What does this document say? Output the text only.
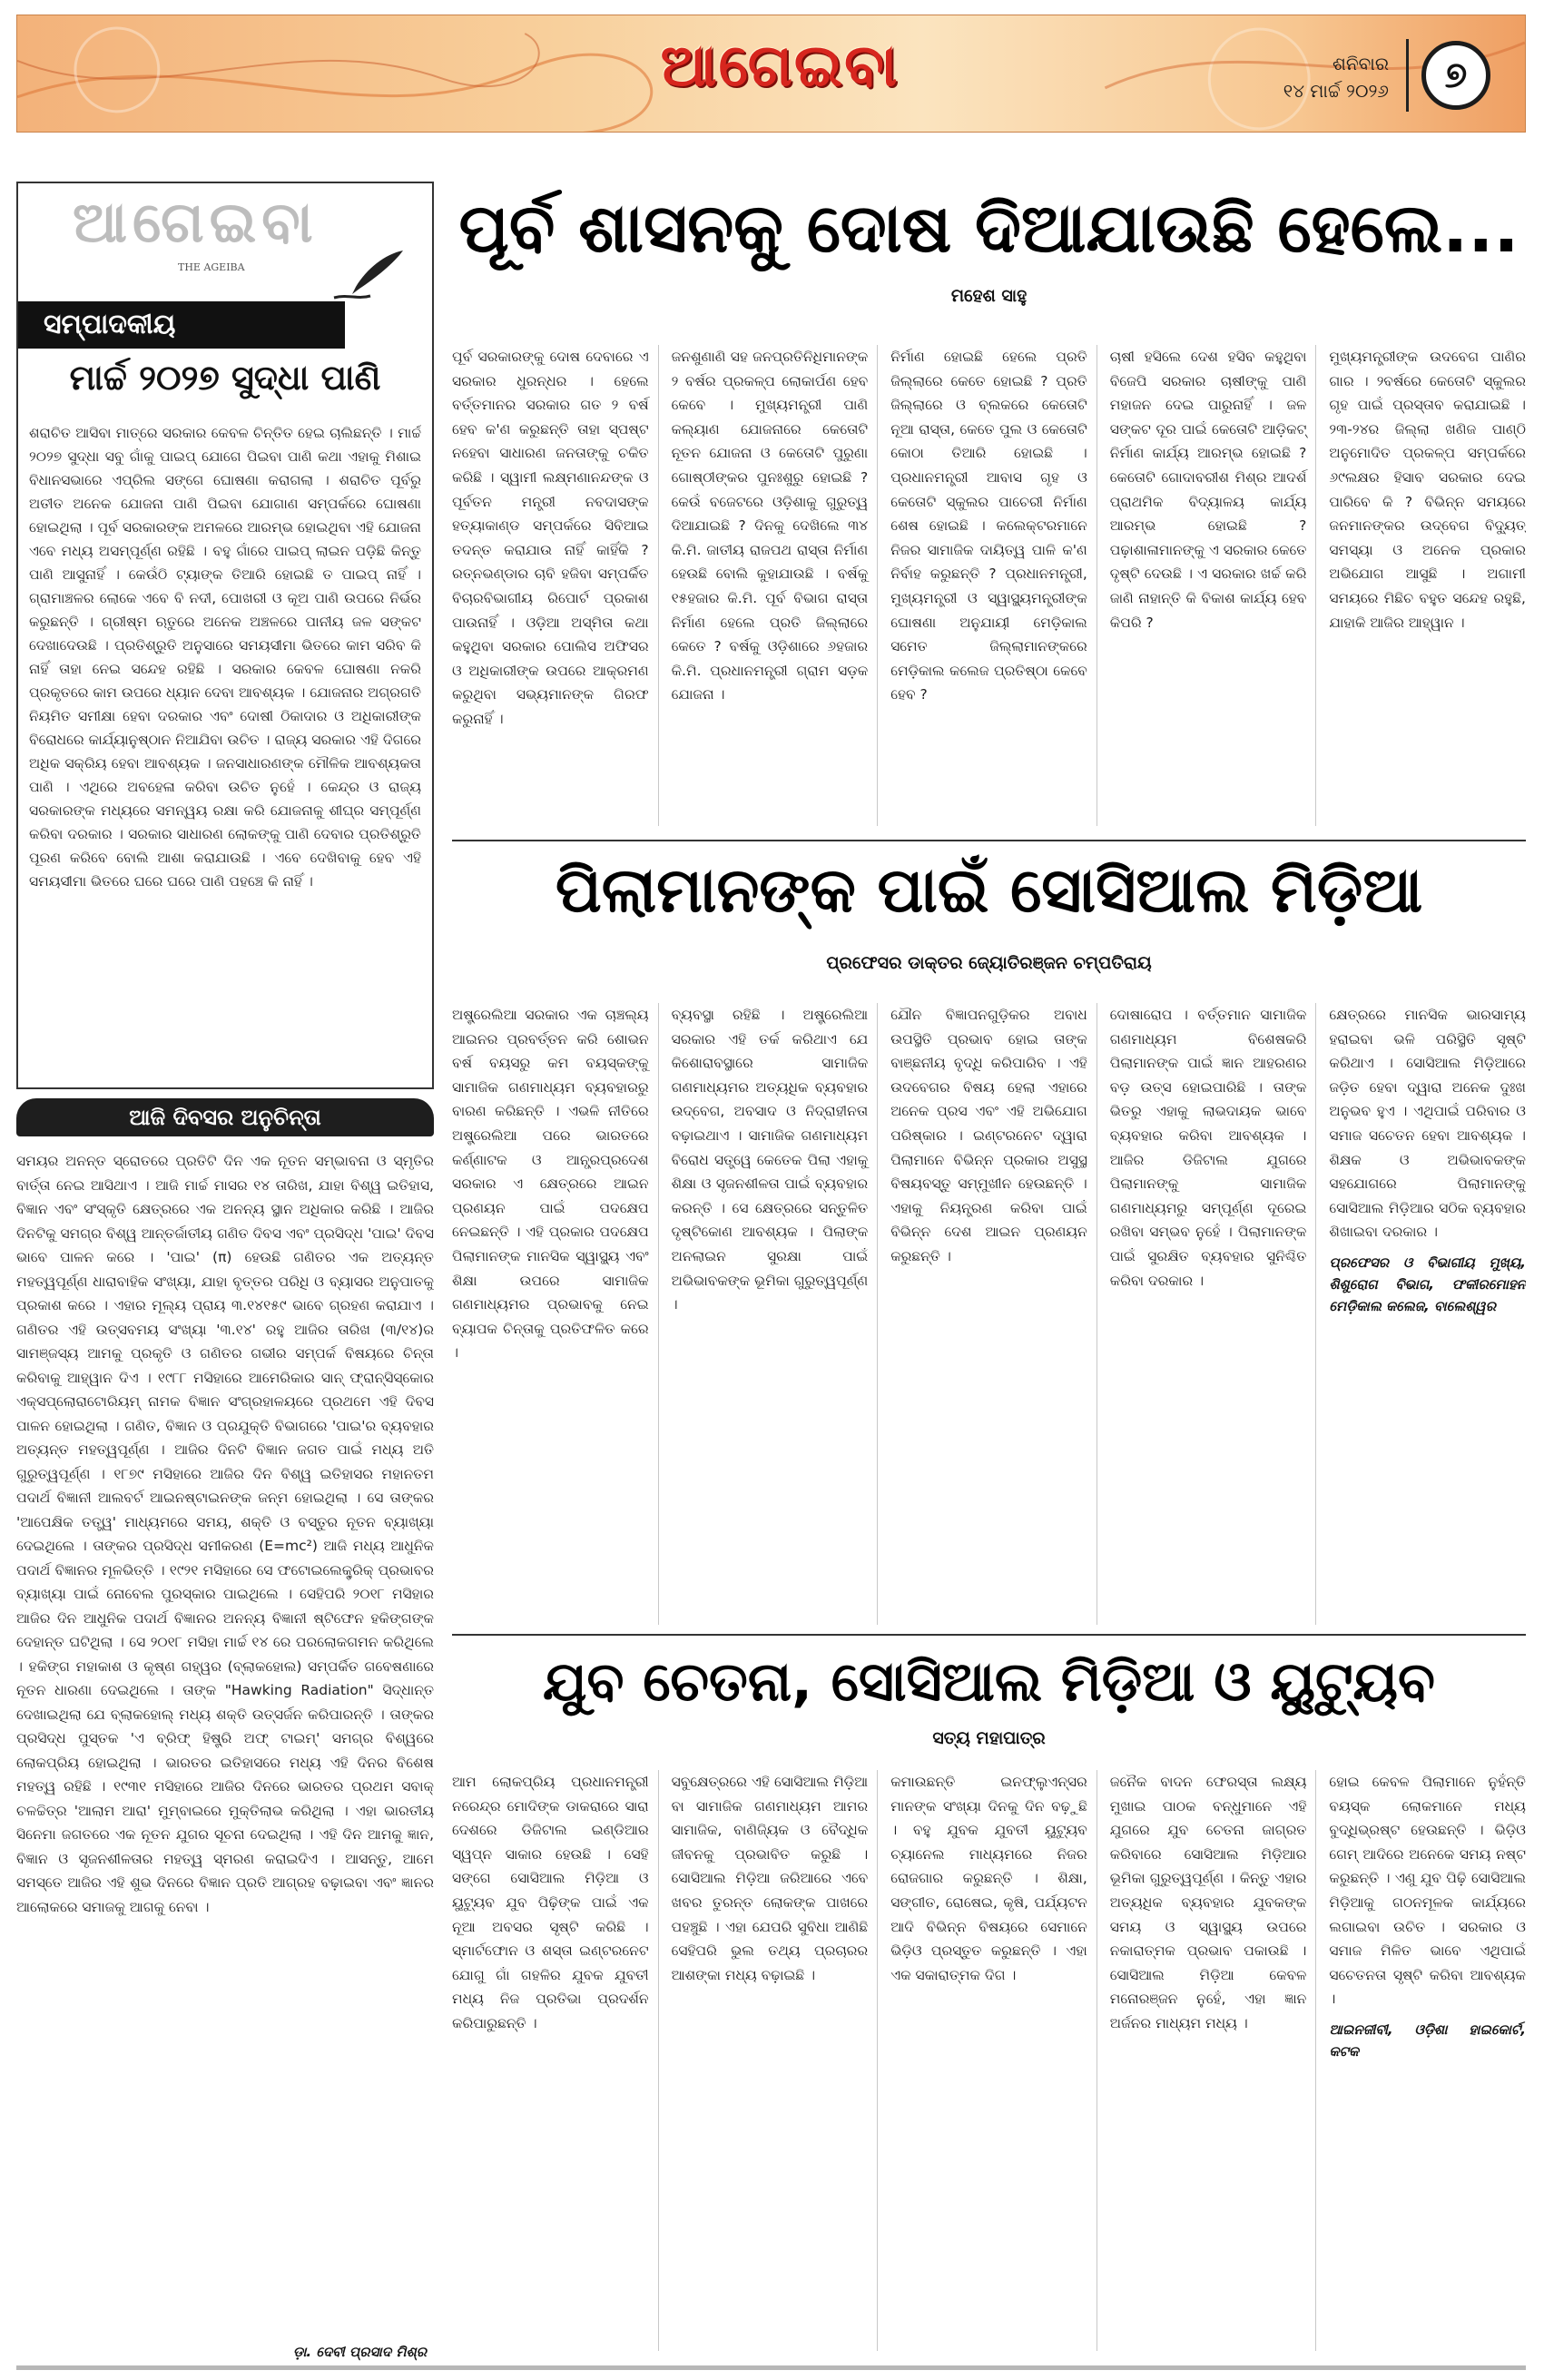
ଆଗେଇବା	ଶନିବାର
୧୪ ମାର୍ଚ୍ଚ ୨୦୨୬	୭
ଆଗେଇବା
THE AGEIBA
ସମ୍ପାଦକୀୟ
ମାର୍ଚ୍ଚ ୨୦୨୭ ସୁଦ୍ଧା ପାଣି

ଶରାଚିତ ଆସିବା ମାତ୍ରେ ସରକାର କେବଳ ଚିନ୍ତିତ ହେଇ ଚାଲିଛନ୍ତି । ମାର୍ଚ୍ଚ ୨୦୨୭ ସୁଦ୍ଧା ସବୁ ଗାଁକୁ ପାଇପ୍ ଯୋଗେ ପିଇବା ପାଣି କଥା ଏହାକୁ ମିଶାଇ ବିଧାନସଭାରେ ଏପ୍ରିଲ ସଙ୍ଗେ ଘୋଷଣା କରାଗଲା । ଶରାଚିତ ପୂର୍ବରୁ ଅତୀତ ଅନେକ ଯୋଜନା ପାଣି ପିଇବା ଯୋଗାଣ ସମ୍ପର୍କରେ ଘୋଷଣା ହୋଇଥିଲା । ପୂର୍ବ ସରକାରଙ୍କ ଅମଳରେ ଆରମ୍ଭ ହୋଇଥିବା ଏହି ଯୋଜନା ଏବେ ମଧ୍ୟ ଅସମ୍ପୂର୍ଣ୍ଣ ରହିଛି । ବହୁ ଗାଁରେ ପାଇପ୍ ଲାଇନ ପଡ଼ିଛି କିନ୍ତୁ ପାଣି ଆସୁନାହିଁ । କେଉଁଠି ଟ୍ୟାଙ୍କ ତିଆରି ହୋଇଛି ତ ପାଇପ୍ ନାହିଁ । ଗ୍ରାମାଞ୍ଚଳର ଲୋକେ ଏବେ ବି ନଦୀ, ପୋଖରୀ ଓ କୂଅ ପାଣି ଉପରେ ନିର୍ଭର କରୁଛନ୍ତି । ଗ୍ରୀଷ୍ମ ଋତୁରେ ଅନେକ ଅଞ୍ଚଳରେ ପାନୀୟ ଜଳ ସଙ୍କଟ ଦେଖାଦେଉଛି । ପ୍ରତିଶ୍ରୁତି ଅନୁସାରେ ସମୟସୀମା ଭିତରେ କାମ ସରିବ କି ନାହିଁ ତାହା ନେଇ ସନ୍ଦେହ ରହିଛି । ସରକାର କେବଳ ଘୋଷଣା ନକରି ପ୍ରକୃତରେ କାମ ଉପରେ ଧ୍ୟାନ ଦେବା ଆବଶ୍ୟକ । ଯୋଜନାର ଅଗ୍ରଗତି ନିୟମିତ ସମୀକ୍ଷା ହେବା ଦରକାର ଏବଂ ଦୋଷୀ ଠିକାଦାର ଓ ଅଧିକାରୀଙ୍କ ବିରୋଧରେ କାର୍ଯ୍ୟାନୁଷ୍ଠାନ ନିଆଯିବା ଉଚିତ । ରାଜ୍ୟ ସରକାର ଏହି ଦିଗରେ ଅଧିକ ସକ୍ରିୟ ହେବା ଆବଶ୍ୟକ । ଜନସାଧାରଣଙ୍କ ମୌଳିକ ଆବଶ୍ୟକତା ପାଣି । ଏଥିରେ ଅବହେଳା କରିବା ଉଚିତ ନୁହେଁ । କେନ୍ଦ୍ର ଓ ରାଜ୍ୟ ସରକାରଙ୍କ ମଧ୍ୟରେ ସମନ୍ୱୟ ରକ୍ଷା କରି ଯୋଜନାକୁ ଶୀଘ୍ର ସମ୍ପୂର୍ଣ୍ଣ କରିବା ଦରକାର । ସରକାର ସାଧାରଣ ଲୋକଙ୍କୁ ପାଣି ଦେବାର ପ୍ରତିଶ୍ରୁତି ପୂରଣ କରିବେ ବୋଲି ଆଶା କରାଯାଉଛି । ଏବେ ଦେଖିବାକୁ ହେବ ଏହି ସମୟସୀମା ଭିତରେ ଘରେ ଘରେ ପାଣି ପହଞ୍ଚେ କି ନାହିଁ ।

ଆଜି ଦିବସର ଅନୁଚିନ୍ତା

ସମୟର ଅନନ୍ତ ସ୍ରୋତରେ ପ୍ରତିଟି ଦିନ ଏକ ନୂତନ ସମ୍ଭାବନା ଓ ସ୍ମୃତିର ବାର୍ତ୍ତା ନେଇ ଆସିଥାଏ । ଆଜି ମାର୍ଚ୍ଚ ମାସର ୧୪ ତାରିଖ, ଯାହା ବିଶ୍ୱ ଇତିହାସ, ବିଜ୍ଞାନ ଏବଂ ସଂସ୍କୃତି କ୍ଷେତ୍ରରେ ଏକ ଅନନ୍ୟ ସ୍ଥାନ ଅଧିକାର କରିଛି । ଆଜିର ଦିନଟିକୁ ସମଗ୍ର ବିଶ୍ୱ ଆନ୍ତର୍ଜାତୀୟ ଗଣିତ ଦିବସ ଏବଂ ପ୍ରସିଦ୍ଧ 'ପାଇ' ଦିବସ ଭାବେ ପାଳନ କରେ । 'ପାଇ' (π) ହେଉଛି ଗଣିତର ଏକ ଅତ୍ୟନ୍ତ ମହତ୍ୱପୂର୍ଣ୍ଣ ଧାରାବାହିକ ସଂଖ୍ୟା, ଯାହା ବୃତ୍ତର ପରିଧି ଓ ବ୍ୟାସର ଅନୁପାତକୁ ପ୍ରକାଶ କରେ । ଏହାର ମୂଲ୍ୟ ପ୍ରାୟ ୩.୧୪୧୫୯ ଭାବେ ଗ୍ରହଣ କରାଯାଏ । ଗଣିତର ଏହି ଉତ୍ସବମୟ ସଂଖ୍ୟା '୩.୧୪' ରହୁ ଆଜିର ତାରିଖ (୩/୧୪)ର ସାମଞ୍ଜସ୍ୟ ଆମକୁ ପ୍ରକୃତି ଓ ଗଣିତର ଗଭୀର ସମ୍ପର୍କ ବିଷୟରେ ଚିନ୍ତା କରିବାକୁ ଆହ୍ୱାନ ଦିଏ । ୧୯୮୮ ମସିହାରେ ଆମେରିକାର ସାନ୍ ଫ୍ରାନ୍ସିସ୍କୋର ଏକ୍ସପ୍ଲୋରାଟୋରିୟମ୍ ନାମକ ବିଜ୍ଞାନ ସଂଗ୍ରହାଳୟରେ ପ୍ରଥମେ ଏହି ଦିବସ ପାଳନ ହୋଇଥିଲା । ଗଣିତ, ବିଜ୍ଞାନ ଓ ପ୍ରଯୁକ୍ତି ବିଭାଗରେ 'ପାଇ'ର ବ୍ୟବହାର ଅତ୍ୟନ୍ତ ମହତ୍ୱପୂର୍ଣ୍ଣ । ଆଜିର ଦିନଟି ବିଜ୍ଞାନ ଜଗତ ପାଇଁ ମଧ୍ୟ ଅତି ଗୁରୁତ୍ୱପୂର୍ଣ୍ଣ । ୧୮୭୯ ମସିହାରେ ଆଜିର ଦିନ ବିଶ୍ୱ ଇତିହାସର ମହାନତମ ପଦାର୍ଥ ବିଜ୍ଞାନୀ ଆଲବର୍ଟ ଆଇନଷ୍ଟାଇନଙ୍କ ଜନ୍ମ ହୋଇଥିଲା । ସେ ତାଙ୍କର 'ଆପେକ୍ଷିକ ତତ୍ତ୍ୱ' ମାଧ୍ୟମରେ ସମୟ, ଶକ୍ତି ଓ ବସ୍ତୁର ନୂତନ ବ୍ୟାଖ୍ୟା ଦେଇଥିଲେ । ତାଙ୍କର ପ୍ରସିଦ୍ଧ ସମୀକରଣ (E=mc²) ଆଜି ମଧ୍ୟ ଆଧୁନିକ ପଦାର୍ଥ ବିଜ୍ଞାନର ମୂଳଭିତ୍ତି । ୧୯୨୧ ମସିହାରେ ସେ ଫଟୋଇଲେକ୍ଟ୍ରିକ୍ ପ୍ରଭାବର ବ୍ୟାଖ୍ୟା ପାଇଁ ନୋବେଲ ପୁରସ୍କାର ପାଇଥିଲେ । ସେହିପରି ୨୦୧୮ ମସିହାର ଆଜିର ଦିନ ଆଧୁନିକ ପଦାର୍ଥ ବିଜ୍ଞାନର ଅନନ୍ୟ ବିଜ୍ଞାନୀ ଷ୍ଟିଫେନ ହକିଙ୍ଗଙ୍କ ଦେହାନ୍ତ ଘଟିଥିଲା । ସେ ୨୦୧୮ ମସିହା ମାର୍ଚ୍ଚ ୧୪ ରେ ପରଲୋକଗମନ କରିଥିଲେ । ହକିଙ୍ଗ ମହାକାଶ ଓ କୃଷ୍ଣ ଗହ୍ୱର (ବ୍ଲାକହୋଲ) ସମ୍ପର୍କିତ ଗବେଷଣାରେ ନୂତନ ଧାରଣା ଦେଇଥିଲେ । ତାଙ୍କ "Hawking Radiation" ସିଦ୍ଧାନ୍ତ ଦେଖାଇଥିଲା ଯେ ବ୍ଲାକହୋଲ୍ ମଧ୍ୟ ଶକ୍ତି ଉତ୍ସର୍ଜନ କରିପାରନ୍ତି । ତାଙ୍କର ପ୍ରସିଦ୍ଧ ପୁସ୍ତକ 'ଏ ବ୍ରିଫ୍ ହିଷ୍ଟ୍ରି ଅଫ୍ ଟାଇମ୍' ସମଗ୍ର ବିଶ୍ୱରେ ଲୋକପ୍ରିୟ ହୋଇଥିଲା । ଭାରତର ଇତିହାସରେ ମଧ୍ୟ ଏହି ଦିନର ବିଶେଷ ମହତ୍ୱ ରହିଛି । ୧୯୩୧ ମସିହାରେ ଆଜିର ଦିନରେ ଭାରତର ପ୍ରଥମ ସବାକ୍ ଚଳଚ୍ଚିତ୍ର 'ଆଲାମ ଆରା' ମୁମ୍ବାଇରେ ମୁକ୍ତିଲାଭ କରିଥିଲା । ଏହା ଭାରତୀୟ ସିନେମା ଜଗତରେ ଏକ ନୂତନ ଯୁଗର ସୂଚନା ଦେଇଥିଲା । ଏହି ଦିନ ଆମକୁ ଜ୍ଞାନ, ବିଜ୍ଞାନ ଓ ସୃଜନଶୀଳତାର ମହତ୍ୱ ସ୍ମରଣ କରାଇଦିଏ । ଆସନ୍ତୁ, ଆମେ ସମସ୍ତେ ଆଜିର ଏହି ଶୁଭ ଦିନରେ ବିଜ୍ଞାନ ପ୍ରତି ଆଗ୍ରହ ବଢ଼ାଇବା ଏବଂ ଜ୍ଞାନର ଆଲୋକରେ ସମାଜକୁ ଆଗକୁ ନେବା ।

ଡ଼ା. ଦେବୀ ପ୍ରସାଦ ମିଶ୍ର
ପୂର୍ବ ଶାସନକୁ ଦୋଷ ଦିଆଯାଉଛି ହେଲେ...
ମହେଶ ସାହୁ

ପୂର୍ବ ସରକାରଙ୍କୁ ଦୋଷ ଦେବାରେ ଏ ସରକାର ଧୁରନ୍ଧର । ହେଲେ ବର୍ତ୍ତମାନର ସରକାର ଗତ ୨ ବର୍ଷ ହେବ କ'ଣ କରୁଛନ୍ତି ତାହା ସ୍ପଷ୍ଟ ନହେବା ସାଧାରଣ ଜନତାଙ୍କୁ ଚକିତ କରିଛି । ସ୍ୱାମୀ ଲକ୍ଷ୍ମଣାନନ୍ଦଙ୍କ ଓ ପୂର୍ବତନ ମନ୍ତ୍ରୀ ନବଦାସଙ୍କ ହତ୍ୟାକାଣ୍ଡ ସମ୍ପର୍କରେ ସିବିଆଇ ତଦନ୍ତ କରାଯାଉ ନାହିଁ କାହିଁକି ? ରତ୍ନଭଣ୍ଡାର ଚାବି ହଜିବା ସମ୍ପର୍କିତ ବିଚାରବିଭାଗୀୟ ରିପୋର୍ଟ ପ୍ରକାଶ ପାଉନାହିଁ । ଓଡ଼ିଆ ଅସ୍ମିତା କଥା କହୁଥିବା ସରକାର ପୋଲିସ ଅଫିସର ଓ ଅଧିକାରୀଙ୍କ ଉପରେ ଆକ୍ରମଣ କରୁଥିବା ସଭ୍ୟମାନଙ୍କ ଗିରଫ କରୁନାହିଁ ।

ଜନଶୁଣାଣି ସହ ଜନପ୍ରତିନିଧିମାନଙ୍କ ୨ ବର୍ଷର ପ୍ରକଳ୍ପ ଲୋକାର୍ପଣ ହେବ କେବେ । ମୁଖ୍ୟମନ୍ତ୍ରୀ ପାଣି କଲ୍ୟାଣ ଯୋଜନାରେ କେତୋଟି ନୂତନ ଯୋଜନା ଓ କେତୋଟି ପୁରୁଣା ଗୋଷ୍ଠୀଙ୍କର ପୁନଃଶୁରୁ ହୋଇଛି ? କେଉଁ ବଜେଟରେ ଓଡ଼ିଶାକୁ ଗୁରୁତ୍ୱ ଦିଆଯାଇଛି ? ଦିନକୁ ଦେଖିଲେ ୩୪ କି.ମି. ଜାତୀୟ ରାଜପଥ ରାସ୍ତା ନିର୍ମାଣ ହେଉଛି ବୋଲି କୁହାଯାଉଛି । ବର୍ଷକୁ ୧୫ହଜାର କି.ମି. ପୂର୍ବ ବିଭାଗ ରାସ୍ତା ନିର୍ମାଣ ହେଲେ ପ୍ରତି ଜିଲ୍ଲାରେ କେତେ ? ବର୍ଷକୁ ଓଡ଼ିଶାରେ ୬ହଜାର କି.ମି. ପ୍ରଧାନମନ୍ତ୍ରୀ ଗ୍ରାମ ସଡ଼କ ଯୋଜନା ।

ନିର୍ମାଣ ହୋଇଛି ହେଲେ ପ୍ରତି ଜିଲ୍ଲାରେ କେତେ ହୋଇଛି ? ପ୍ରତି ଜିଲ୍ଲାରେ ଓ ବ୍ଲକରେ କେତୋଟି ନୂଆ ରାସ୍ତା, କେତେ ପୁଲ ଓ କେତୋଟି କୋଠା ତିଆରି ହୋଇଛି । ପ୍ରଧାନମନ୍ତ୍ରୀ ଆବାସ ଗୃହ ଓ କେତୋଟି ସ୍କୁଲର ପାଚେରୀ ନିର୍ମାଣ ଶେଷ ହୋଇଛି । କଲେକ୍ଟରମାନେ ନିଜର ସାମାଜିକ ଦାୟିତ୍ୱ ପାଳି କ'ଣ ନିର୍ବାହ କରୁଛନ୍ତି ? ପ୍ରଧାନମନ୍ତ୍ରୀ, ମୁଖ୍ୟମନ୍ତ୍ରୀ ଓ ସ୍ୱାସ୍ଥ୍ୟମନ୍ତ୍ରୀଙ୍କ ଘୋଷଣା ଅନୁଯାୟୀ ମେଡ଼ିକାଲ ସମେତ ଜିଲ୍ଲାମାନଙ୍କରେ ମେଡ଼ିକାଲ କଲେଜ ପ୍ରତିଷ୍ଠା କେବେ ହେବ ?

ଚାଷୀ ହସିଲେ ଦେଶ ହସିବ କହୁଥିବା ବିଜେପି ସରକାର ଚାଷୀଙ୍କୁ ପାଣି ମହାଜନ ଦେଇ ପାରୁନାହିଁ । ଜଳ ସଙ୍କଟ ଦୂର ପାଇଁ କେତୋଟି ଆଡ଼ିକଟ୍ ନିର୍ମାଣ କାର୍ଯ୍ୟ ଆରମ୍ଭ ହୋଇଛି ? କେତୋଟି ଗୋଦାବରୀଶ ମିଶ୍ର ଆଦର୍ଶ ପ୍ରାଥମିକ ବିଦ୍ୟାଳୟ କାର୍ଯ୍ୟ ଆରମ୍ଭ ହୋଇଛି ? ପଢ଼ାଶାଳାମାନଙ୍କୁ ଏ ସରକାର କେତେ ଦୃଷ୍ଟି ଦେଉଛି । ଏ ସରକାର ଖର୍ଚ୍ଚ କରି ଜାଣି ନାହାନ୍ତି କି ବିକାଶ କାର୍ଯ୍ୟ ହେବ କିପରି ?

ମୁଖ୍ୟମନ୍ତ୍ରୀଙ୍କ ଉଦବେଗ ପାଣିର ଗାର । ୨ବର୍ଷରେ କେତୋଟି ସ୍କୁଲର ଗୃହ ପାଇଁ ପ୍ରସ୍ତାବ କରାଯାଇଛି । ୨୩-୨୪ର ଜିଲ୍ଲା ଖଣିଜ ପାଣ୍ଠି ଅନୁମୋଦିତ ପ୍ରକଳ୍ପ ସମ୍ପର୍କରେ ୬୯ଲକ୍ଷର ହିସାବ ସରକାର ଦେଇ ପାରିବେ କି ? ବିଭିନ୍ନ ସମୟରେ ଜନମାନଙ୍କର ଉଦ୍ବେଗ ବିଦ୍ୟୁତ୍ ସମସ୍ୟା ଓ ଅନେକ ପ୍ରକାର ଅଭିଯୋଗ ଆସୁଛି । ଅଗାମୀ ସମୟରେ ମିଛିଚ ବହୁତ ସନ୍ଦେହ ରହୁଛି, ଯାହାକି ଆଜିର ଆହ୍ୱାନ ।

ପିଲାମାନଙ୍କ ପାଇଁ ସୋସିଆଲ ମିଡ଼ିଆ
ପ୍ରଫେସର ଡାକ୍ତର ଜ୍ୟୋତିରଞ୍ଜନ ଚମ୍ପତିରାୟ

ଅଷ୍ଟ୍ରେଲିଆ ସରକାର ଏକ ଚାଞ୍ଚଲ୍ୟ ଆଇନର ପ୍ରବର୍ତ୍ତନ କରି ଶୋଭନ ବର୍ଷ ବୟସରୁ କମ ବୟସ୍କଙ୍କୁ ସାମାଜିକ ଗଣମାଧ୍ୟମ ବ୍ୟବହାରରୁ ବାରଣ କରିଛନ୍ତି । ଏଭଳି ନୀତିରେ ଅଷ୍ଟ୍ରେଲିଆ ପରେ ଭାରତରେ କର୍ଣ୍ଣାଟକ ଓ ଆନ୍ଧ୍ରପ୍ରଦେଶ ସରକାର ଏ କ୍ଷେତ୍ରରେ ଆଇନ ପ୍ରଣୟନ ପାଇଁ ପଦକ୍ଷେପ ନେଇଛନ୍ତି । ଏହି ପ୍ରକାର ପଦକ୍ଷେପ ପିଲାମାନଙ୍କ ମାନସିକ ସ୍ୱାସ୍ଥ୍ୟ ଏବଂ ଶିକ୍ଷା ଉପରେ ସାମାଜିକ ଗଣମାଧ୍ୟମର ପ୍ରଭାବକୁ ନେଇ ବ୍ୟାପକ ଚିନ୍ତାକୁ ପ୍ରତିଫଳିତ କରେ ।

ବ୍ୟବସ୍ଥା ରହିଛି । ଅଷ୍ଟ୍ରେଲିଆ ସରକାର ଏହି ତର୍କ କରିଥାଏ ଯେ କିଶୋରାବସ୍ଥାରେ ସାମାଜିକ ଗଣମାଧ୍ୟମର ଅତ୍ୟଧିକ ବ୍ୟବହାର ଉଦ୍ବେଗ, ଅବସାଦ ଓ ନିଦ୍ରାହୀନତା ବଢ଼ାଇଥାଏ । ସାମାଜିକ ଗଣମାଧ୍ୟମ ବିରୋଧ ସତ୍ତ୍ୱେ କେତେକ ପିଲା ଏହାକୁ ଶିକ୍ଷା ଓ ସୃଜନଶୀଳତା ପାଇଁ ବ୍ୟବହାର କରନ୍ତି । ସେ କ୍ଷେତ୍ରରେ ସନ୍ତୁଳିତ ଦୃଷ୍ଟିକୋଣ ଆବଶ୍ୟକ । ପିଲାଙ୍କ ଅନଲାଇନ ସୁରକ୍ଷା ପାଇଁ ଅଭିଭାବକଙ୍କ ଭୂମିକା ଗୁରୁତ୍ୱପୂର୍ଣ୍ଣ ।

ଯୌନ ବିଜ୍ଞାପନଗୁଡ଼ିକର ଅବାଧ ଉପସ୍ଥିତି ପ୍ରଭାବ ହୋଇ ତାଙ୍କ ବାଞ୍ଛନୀୟ ବୃଦ୍ଧି କରିପାରିବ । ଏହି ଉଦବେଗର ବିଷୟ ହେଲା ଏହାରେ ଅନେକ ପ୍ରସ ଏବଂ ଏହି ଅଭିଯୋଗ ପରିଷ୍କାର । ଇଣ୍ଟରନେଟ ଦ୍ୱାରା ପିଲାମାନେ ବିଭିନ୍ନ ପ୍ରକାର ଅସୁସ୍ଥ ବିଷୟବସ୍ତୁ ସମ୍ମୁଖୀନ ହେଉଛନ୍ତି । ଏହାକୁ ନିୟନ୍ତ୍ରଣ କରିବା ପାଇଁ ବିଭିନ୍ନ ଦେଶ ଆଇନ ପ୍ରଣୟନ କରୁଛନ୍ତି ।

ଦୋଷାରୋପ । ବର୍ତ୍ତମାନ ସାମାଜିକ ଗଣମାଧ୍ୟମ ବିଶେଷକରି ପିଲାମାନଙ୍କ ପାଇଁ ଜ୍ଞାନ ଆହରଣର ବଡ଼ ଉତ୍ସ ହୋଇପାରିଛି । ତାଙ୍କ ଭିତରୁ ଏହାକୁ ଲାଭଦାୟକ ଭାବେ ବ୍ୟବହାର କରିବା ଆବଶ୍ୟକ । ଆଜିର ଡିଜିଟାଲ ଯୁଗରେ ପିଲାମାନଙ୍କୁ ସାମାଜିକ ଗଣମାଧ୍ୟମରୁ ସମ୍ପୂର୍ଣ୍ଣ ଦୂରେଇ ରଖିବା ସମ୍ଭବ ନୁହେଁ । ପିଲାମାନଙ୍କ ପାଇଁ ସୁରକ୍ଷିତ ବ୍ୟବହାର ସୁନିଶ୍ଚିତ କରିବା ଦରକାର ।

କ୍ଷେତ୍ରରେ ମାନସିକ ଭାରସାମ୍ୟ ହରାଇବା ଭଳି ପରିସ୍ଥିତି ସୃଷ୍ଟି କରିଥାଏ । ସୋସିଆଲ ମିଡ଼ିଆରେ ଜଡ଼ିତ ହେବା ଦ୍ୱାରା ଅନେକ ଦୁଃଖ ଅନୁଭବ ହୁଏ । ଏଥିପାଇଁ ପରିବାର ଓ ସମାଜ ସଚେତନ ହେବା ଆବଶ୍ୟକ । ଶିକ୍ଷକ ଓ ଅଭିଭାବକଙ୍କ ସହଯୋଗରେ ପିଲାମାନଙ୍କୁ ସୋସିଆଲ ମିଡ଼ିଆର ସଠିକ ବ୍ୟବହାର ଶିଖାଇବା ଦରକାର ।

ପ୍ରଫେସର ଓ ବିଭାଗୀୟ ମୁଖ୍ୟ, ଶିଶୁରୋଗ ବିଭାଗ, ଫକୀରମୋହନ ମେଡ଼ିକାଲ କଲେଜ, ବାଲେଶ୍ୱର

ଯୁବ ଚେତନା, ସୋସିଆଲ ମିଡ଼ିଆ ଓ ୟୁଟ୍ୟୁବ
ସତ୍ୟ ମହାପାତ୍ର

ଆମ ଲୋକପ୍ରିୟ ପ୍ରଧାନମନ୍ତ୍ରୀ ନରେନ୍ଦ୍ର ମୋଦିଙ୍କ ଡାକରାରେ ସାରା ଦେଶରେ ଡିଜିଟାଲ ଇଣ୍ଡିଆର ସ୍ୱପ୍ନ ସାକାର ହେଉଛି । ସେହି ସଙ୍ଗେ ସୋସିଆଲ ମିଡ଼ିଆ ଓ ୟୁଟ୍ୟୁବ ଯୁବ ପିଢ଼ିଙ୍କ ପାଇଁ ଏକ ନୂଆ ଅବସର ସୃଷ୍ଟି କରିଛି । ସ୍ମାର୍ଟଫୋନ ଓ ଶସ୍ତା ଇଣ୍ଟରନେଟ ଯୋଗୁ ଗାଁ ଗହଳିର ଯୁବକ ଯୁବତୀ ମଧ୍ୟ ନିଜ ପ୍ରତିଭା ପ୍ରଦର୍ଶନ କରିପାରୁଛନ୍ତି ।

ସବୁକ୍ଷେତ୍ରରେ ଏହି ସୋସିଆଲ ମିଡ଼ିଆ ବା ସାମାଜିକ ଗଣମାଧ୍ୟମ ଆମର ସାମାଜିକ, ବାଣିଜ୍ୟିକ ଓ ବୈଦ୍ଧିକ ଜୀବନକୁ ପ୍ରଭାବିତ କରୁଛି । ସୋସିଆଲ ମିଡ଼ିଆ ଜରିଆରେ ଏବେ ଖବର ତୁରନ୍ତ ଲୋକଙ୍କ ପାଖରେ ପହଞ୍ଚୁଛି । ଏହା ଯେପରି ସୁବିଧା ଆଣିଛି ସେହିପରି ଭୁଲ ତଥ୍ୟ ପ୍ରଚାରର ଆଶଙ୍କା ମଧ୍ୟ ବଢ଼ାଇଛି ।

କମାଉଛନ୍ତି ଇନଫ୍ଲୁଏନ୍ସର ମାନଙ୍କ ସଂଖ୍ୟା ଦିନକୁ ଦିନ ବଢ଼ୁଛି । ବହୁ ଯୁବକ ଯୁବତୀ ୟୁଟ୍ୟୁବ ଚ୍ୟାନେଲ ମାଧ୍ୟମରେ ନିଜର ରୋଜଗାର କରୁଛନ୍ତି । ଶିକ୍ଷା, ସଙ୍ଗୀତ, ରୋଷେଇ, କୃଷି, ପର୍ଯ୍ୟଟନ ଆଦି ବିଭିନ୍ନ ବିଷୟରେ ସେମାନେ ଭିଡ଼ିଓ ପ୍ରସ୍ତୁତ କରୁଛନ୍ତି । ଏହା ଏକ ସକାରାତ୍ମକ ଦିଗ ।

ଜନୈକ ବାଦନ ଫେରସ୍ତା ଲକ୍ଷ୍ୟ ମୁଖାଇ ପାଠକ ବନ୍ଧୁମାନେ ଏହି ଯୁଗରେ ଯୁବ ଚେତନା ଜାଗ୍ରତ କରିବାରେ ସୋସିଆଲ ମିଡ଼ିଆର ଭୂମିକା ଗୁରୁତ୍ୱପୂର୍ଣ୍ଣ । କିନ୍ତୁ ଏହାର ଅତ୍ୟଧିକ ବ୍ୟବହାର ଯୁବକଙ୍କ ସମୟ ଓ ସ୍ୱାସ୍ଥ୍ୟ ଉପରେ ନକାରାତ୍ମକ ପ୍ରଭାବ ପକାଉଛି । ସୋସିଆଲ ମିଡ଼ିଆ କେବଳ ମନୋରଞ୍ଜନ ନୁହେଁ, ଏହା ଜ୍ଞାନ ଅର୍ଜନର ମାଧ୍ୟମ ମଧ୍ୟ ।

ହୋଇ କେବଳ ପିଲାମାନେ ନୁହଁନ୍ତି ବୟସ୍କ ଲୋକମାନେ ମଧ୍ୟ ବୁଦ୍ଧିଭ୍ରଷ୍ଟ ହେଉଛନ୍ତି । ଭିଡ଼ିଓ ଗେମ୍ ଆଦିରେ ଅନେକେ ସମୟ ନଷ୍ଟ କରୁଛନ୍ତି । ଏଣୁ ଯୁବ ପିଢ଼ି ସୋସିଆଲ ମିଡ଼ିଆକୁ ଗଠନମୂଳକ କାର୍ଯ୍ୟରେ ଲଗାଇବା ଉଚିତ । ସରକାର ଓ ସମାଜ ମିଳିତ ଭାବେ ଏଥିପାଇଁ ସଚେତନତା ସୃଷ୍ଟି କରିବା ଆବଶ୍ୟକ ।

ଆଇନଜୀବୀ, ଓଡ଼ିଶା ହାଇକୋର୍ଟ, କଟକ
